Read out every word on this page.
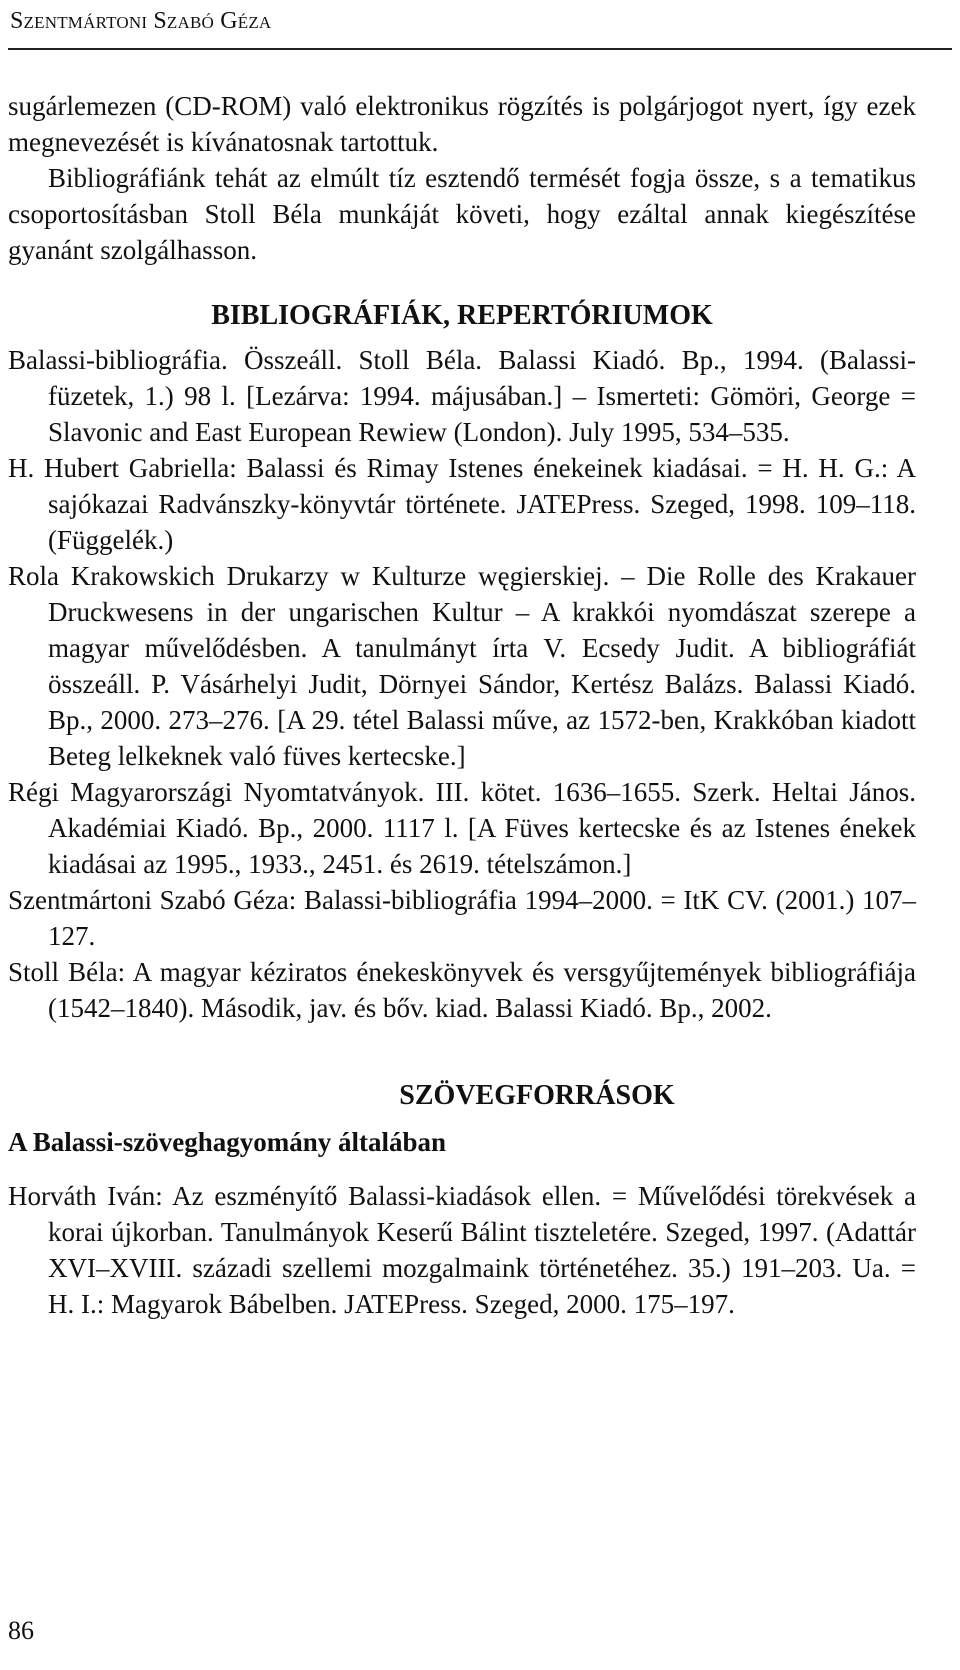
Szentmártoni Szabó Géza

sugárlemezen (CD-ROM) való elektronikus rögzítés is polgárjogot nyert, így ezek megnevezését is kívánatosnak tartottuk.

Bibliográfiánk tehát az elmúlt tíz esztendő termését fogja össze, s a tematikus csoportosításban Stoll Béla munkáját követi, hogy ezáltal annak kiegészítése gyanánt szolgálhasson.

BIBLIOGRÁFIÁK, REPERTÓRIUMOK

Balassi-bibliográfia. Összeáll. Stoll Béla. Balassi Kiadó. Bp., 1994. (Balassi-füzetek, 1.) 98 l. [Lezárva: 1994. májusában.] – Ismerteti: Gömöri, George = Slavonic and East European Rewiew (London). July 1995, 534–535.

H. Hubert Gabriella: Balassi és Rimay Istenes énekeinek kiadásai. = H. H. G.: A sajókazai Radvánszky-könyvtár története. JATEPress. Szeged, 1998. 109–118. (Függelék.)

Rola Krakowskich Drukarzy w Kulturze węgierskiej. – Die Rolle des Krakauer Druckwesens in der ungarischen Kultur – A krakkói nyomdászat szerepe a magyar művelődésben. A tanulmányt írta V. Ecsedy Judit. A bibliográfiát összeáll. P. Vásárhelyi Judit, Dörnyei Sándor, Kertész Balázs. Balassi Kiadó. Bp., 2000. 273–276. [A 29. tétel Balassi műve, az 1572-ben, Krakkóban kiadott Beteg lelkeknek való füves kertecske.]

Régi Magyarországi Nyomtatványok. III. kötet. 1636–1655. Szerk. Heltai János. Akadémiai Kiadó. Bp., 2000. 1117 l. [A Füves kertecske és az Istenes énekek kiadásai az 1995., 1933., 2451. és 2619. tételszámon.]

Szentmártoni Szabó Géza: Balassi-bibliográfia 1994–2000. = ItK CV. (2001.) 107–127.

Stoll Béla: A magyar kéziratos énekeskönyvek és versgyűjtemények bibliográfiája (1542–1840). Második, jav. és bőv. kiad. Balassi Kiadó. Bp., 2002.

SZÖVEGFORRÁSOK
A Balassi-szöveghagyomány általában

Horváth Iván: Az eszményítő Balassi-kiadások ellen. = Művelődési törekvések a korai újkorban. Tanulmányok Keserű Bálint tiszteletére. Szeged, 1997. (Adattár XVI–XVIII. századi szellemi mozgalmaink történetéhez. 35.) 191–203. Ua. = H. I.: Magyarok Bábelben. JATEPress. Szeged, 2000. 175–197.

86
